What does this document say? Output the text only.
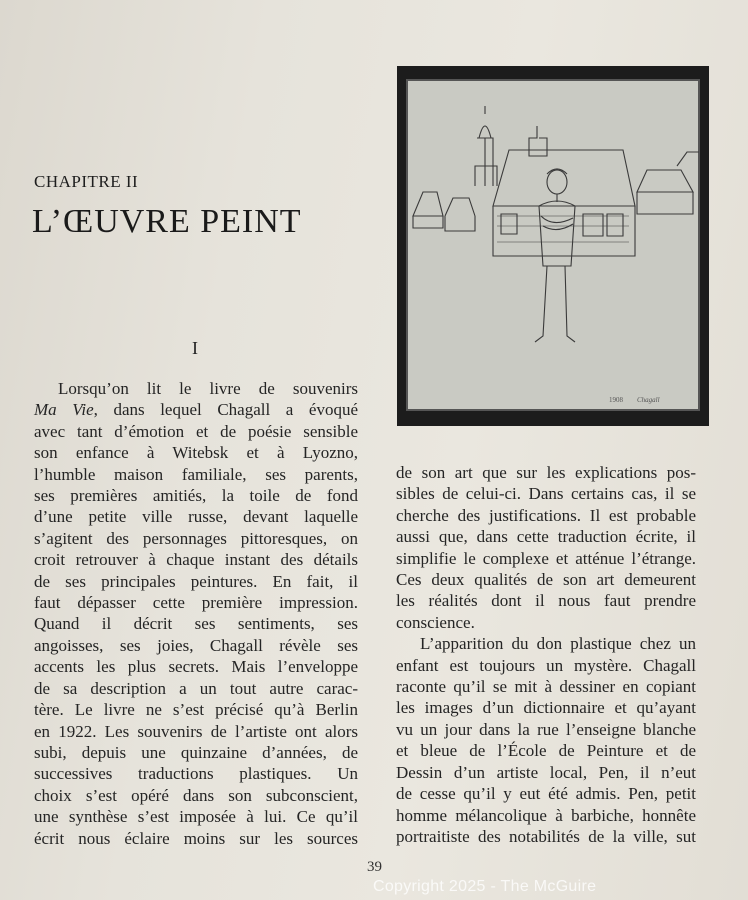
CHAPITRE II
L’ŒUVRE PEINT
I
Lorsqu’on lit le livre de souvenirs
Ma Vie, dans lequel Chagall a évoqué
avec tant d’émotion et de poésie sensible
son enfance à Witebsk et à Lyozno,
l’humble maison familiale, ses parents,
ses premières amitiés, la toile de fond
d’une petite ville russe, devant laquelle
s’agitent des personnages pittoresques, on
croit retrouver à chaque instant des détails
de ses principales peintures. En fait, il
faut dépasser cette première impression.
Quand il décrit ses sentiments, ses
angoisses, ses joies, Chagall révèle ses
accents les plus secrets. Mais l’enveloppe
de sa description a un tout autre carac-
tère. Le livre ne s’est précisé qu’à Berlin
en 1922. Les souvenirs de l’artiste ont alors
subi, depuis une quinzaine d’années, de
successives traductions plastiques. Un
choix s’est opéré dans son subconscient,
une synthèse s’est imposée à lui. Ce qu’il
écrit nous éclaire moins sur les sources
1908 Chagall
de son art que sur les explications pos-
sibles de celui-ci. Dans certains cas, il se
cherche des justifications. Il est probable
aussi que, dans cette traduction écrite, il
simplifie le complexe et atténue l’étrange.
Ces deux qualités de son art demeurent
les réalités dont il nous faut prendre
conscience.
L’apparition du don plastique chez un
enfant est toujours un mystère. Chagall
raconte qu’il se mit à dessiner en copiant
les images d’un dictionnaire et qu’ayant
vu un jour dans la rue l’enseigne blanche
et bleue de l’École de Peinture et de
Dessin d’un artiste local, Pen, il n’eut
de cesse qu’il y eut été admis. Pen, petit
homme mélancolique à barbiche, honnête
portraitiste des notabilités de la ville, sut
39
Copyright 2025 - The McGuire
